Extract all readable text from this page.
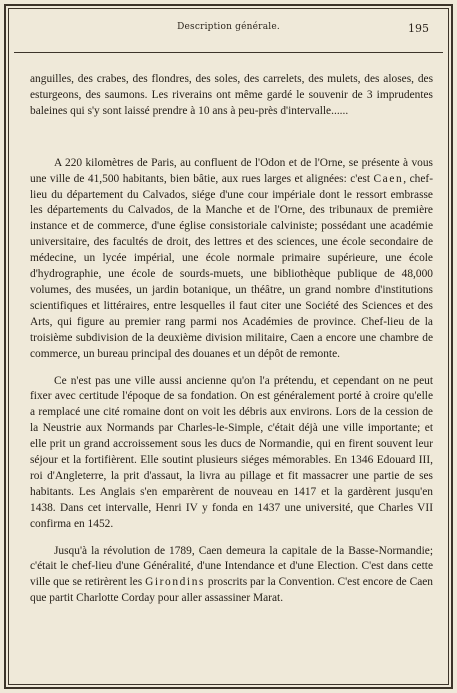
Description générale.	195

anguilles, des crabes, des flondres, des soles, des carrelets, des mulets, des aloses, des esturgeons, des saumons. Les riverains ont même gardé le souvenir de 3 imprudentes baleines qui s'y sont laissé prendre à 10 ans à peu-près d'intervalle......

A 220 kilomètres de Paris, au confluent de l'Odon et de l'Orne, se présente à vous une ville de 41,500 habitants, bien bâtie, aux rues larges et alignées: c'est Caen, chef-lieu du département du Calvados, siége d'une cour impériale dont le ressort embrasse les départements du Calvados, de la Manche et de l'Orne, des tribunaux de première instance et de commerce, d'une église consistoriale calviniste; possédant une académie universitaire, des facultés de droit, des lettres et des sciences, une école secondaire de médecine, un lycée impérial, une école normale primaire supérieure, une école d'hydrographie, une école de sourds-muets, une bibliothèque publique de 48,000 volumes, des musées, un jardin botanique, un théâtre, un grand nombre d'institutions scientifiques et littéraires, entre lesquelles il faut citer une Société des Sciences et des Arts, qui figure au premier rang parmi nos Académies de province. Chef-lieu de la troisième subdivision de la deuxième division militaire, Caen a encore une chambre de commerce, un bureau principal des douanes et un dépôt de remonte.

Ce n'est pas une ville aussi ancienne qu'on l'a prétendu, et cependant on ne peut fixer avec certitude l'époque de sa fondation. On est généralement porté à croire qu'elle a remplacé une cité romaine dont on voit les débris aux environs. Lors de la cession de la Neustrie aux Normands par Charles-le-Simple, c'était déjà une ville importante; et elle prit un grand accroissement sous les ducs de Normandie, qui en firent souvent leur séjour et la fortifièrent. Elle soutint plusieurs siéges mémorables. En 1346 Edouard III, roi d'Angleterre, la prit d'assaut, la livra au pillage et fit massacrer une partie de ses habitants. Les Anglais s'en emparèrent de nouveau en 1417 et la gardèrent jusqu'en 1438. Dans cet intervalle, Henri IV y fonda en 1437 une université, que Charles VII confirma en 1452.

Jusqu'à la révolution de 1789, Caen demeura la capitale de la Basse-Normandie; c'était le chef-lieu d'une Généralité, d'une Intendance et d'une Election. C'est dans cette ville que se retirèrent les Girondins proscrits par la Convention. C'est encore de Caen que partit Charlotte Corday pour aller assassiner Marat.
